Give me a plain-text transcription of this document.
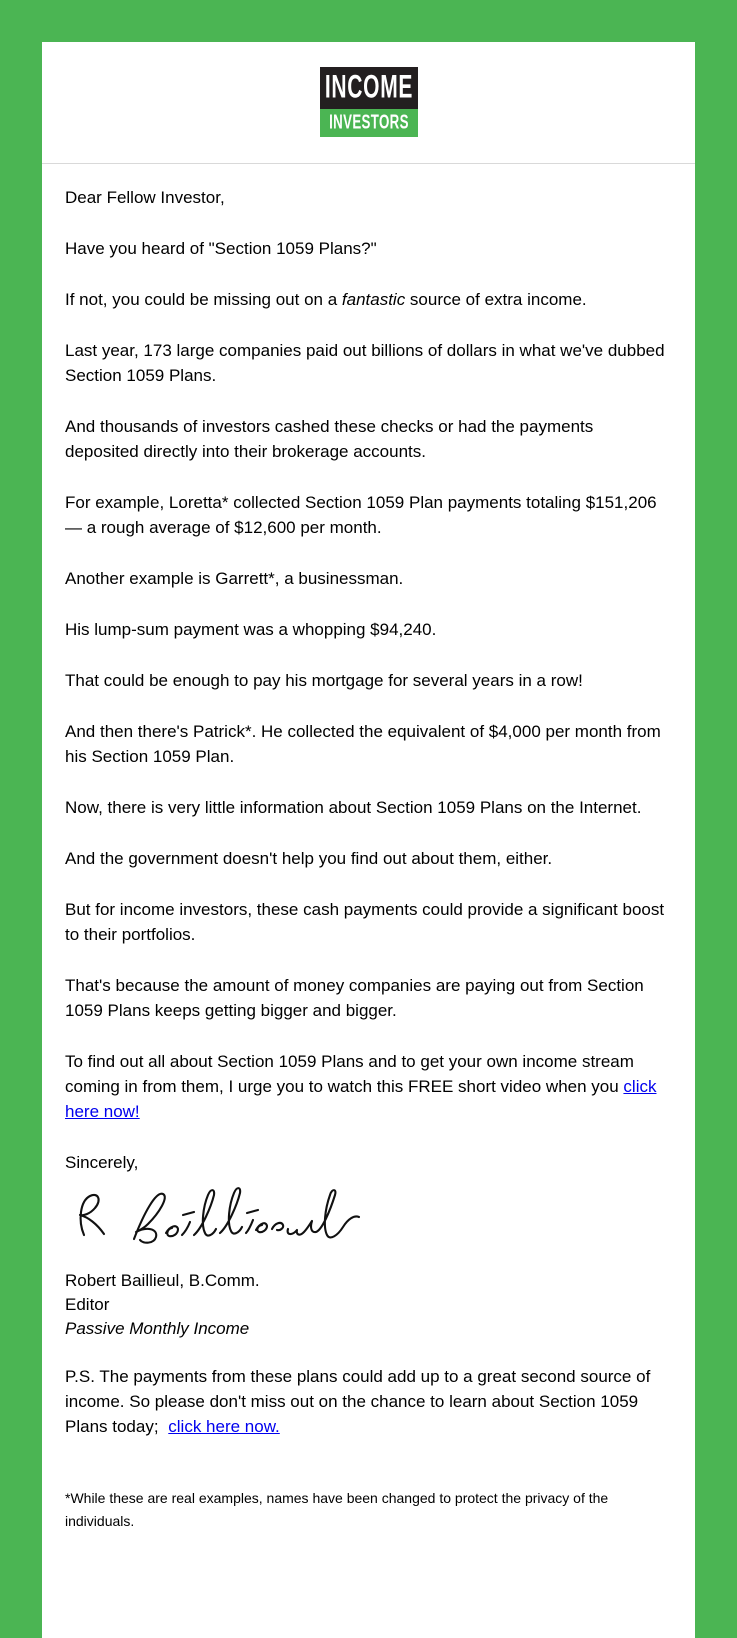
INCOME
INVESTORS

Dear Fellow Investor,

Have you heard of "Section 1059 Plans?"

If not, you could be missing out on a fantastic source of extra income.

Last year, 173 large companies paid out billions of dollars in what we've dubbed Section 1059 Plans.

And thousands of investors cashed these checks or had the payments deposited directly into their brokerage accounts.

For example, Loretta* collected Section 1059 Plan payments totaling $151,206 — a rough average of $12,600 per month.

Another example is Garrett*, a businessman.

His lump-sum payment was a whopping $94,240.

That could be enough to pay his mortgage for several years in a row!

And then there's Patrick*. He collected the equivalent of $4,000 per month from his Section 1059 Plan.

Now, there is very little information about Section 1059 Plans on the Internet.

And the government doesn't help you find out about them, either.

But for income investors, these cash payments could provide a significant boost to their portfolios.

That's because the amount of money companies are paying out from Section 1059 Plans keeps getting bigger and bigger.

To find out all about Section 1059 Plans and to get your own income stream coming in from them, I urge you to watch this FREE short video when you click here now!

Sincerely,

Robert Baillieul, B.Comm.

Editor

Passive Monthly Income

P.S. The payments from these plans could add up to a great second source of income. So please don't miss out on the chance to learn about Section 1059 Plans today; click here now.

*While these are real examples, names have been changed to protect the privacy of the individuals.
